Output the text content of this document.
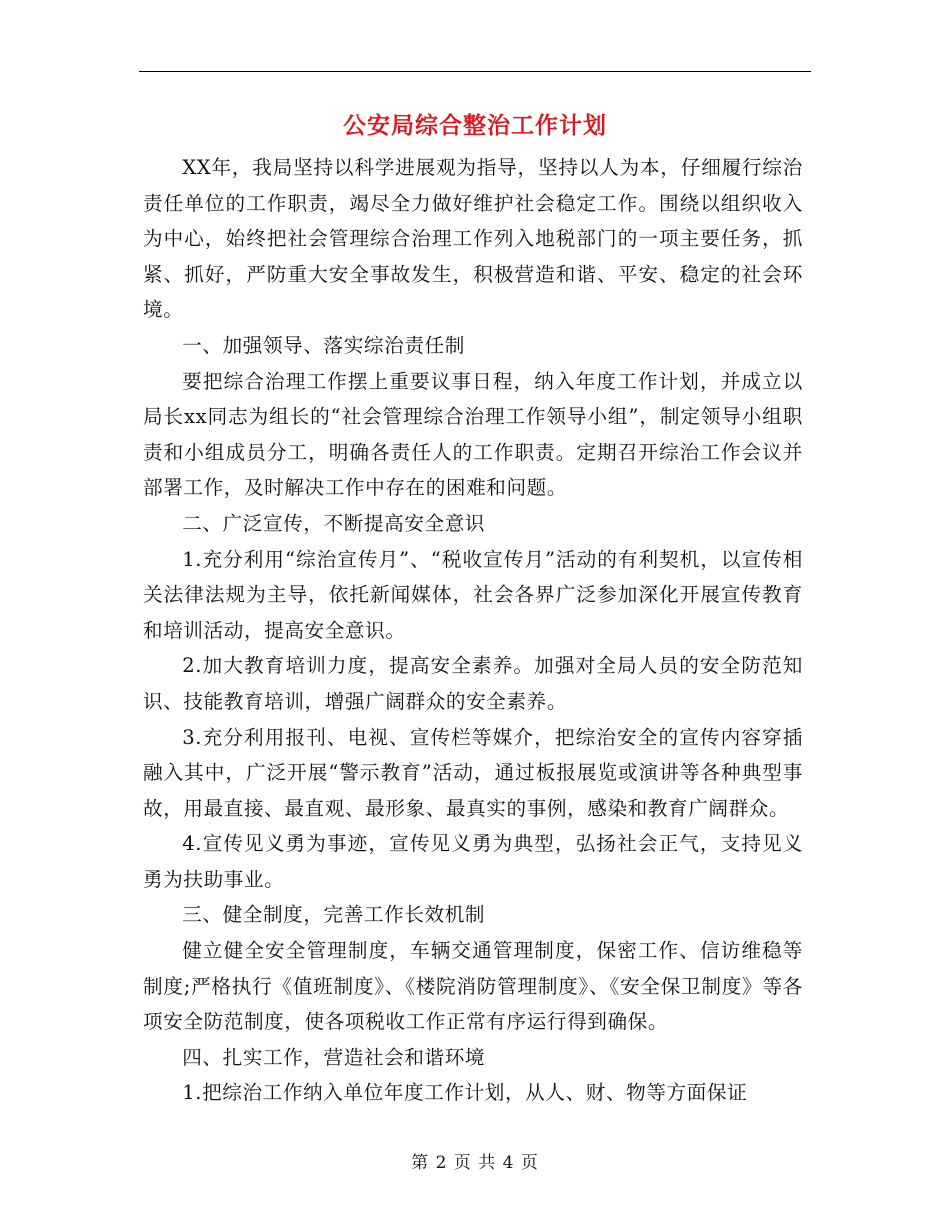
公安局综合整治工作计划

XX年，我局坚持以科学进展观为指导，坚持以人为本，仔细履行综治责任单位的工作职责，竭尽全力做好维护社会稳定工作。围绕以组织收入为中心，始终把社会管理综合治理工作列入地税部门的一项主要任务，抓紧、抓好，严防重大安全事故发生，积极营造和谐、平安、稳定的社会环境。

一、加强领导、落实综治责任制

要把综合治理工作摆上重要议事日程，纳入年度工作计划，并成立以局长xx同志为组长的“社会管理综合治理工作领导小组”，制定领导小组职责和小组成员分工，明确各责任人的工作职责。定期召开综治工作会议并部署工作，及时解决工作中存在的困难和问题。

二、广泛宣传，不断提高安全意识

1.充分利用“综治宣传月”、“税收宣传月”活动的有利契机，以宣传相关法律法规为主导，依托新闻媒体，社会各界广泛参加深化开展宣传教育和培训活动，提高安全意识。

2.加大教育培训力度，提高安全素养。加强对全局人员的安全防范知识、技能教育培训，增强广阔群众的安全素养。

3.充分利用报刊、电视、宣传栏等媒介，把综治安全的宣传内容穿插融入其中，广泛开展“警示教育”活动，通过板报展览或演讲等各种典型事故，用最直接、最直观、最形象、最真实的事例，感染和教育广阔群众。

4.宣传见义勇为事迹，宣传见义勇为典型，弘扬社会正气，支持见义勇为扶助事业。

三、健全制度，完善工作长效机制

健立健全安全管理制度，车辆交通管理制度，保密工作、信访维稳等制度;严格执行《值班制度》、《楼院消防管理制度》、《安全保卫制度》等各项安全防范制度，使各项税收工作正常有序运行得到确保。

四、扎实工作，营造社会和谐环境

1.把综治工作纳入单位年度工作计划，从人、财、物等方面保证

第 2 页 共 4 页
